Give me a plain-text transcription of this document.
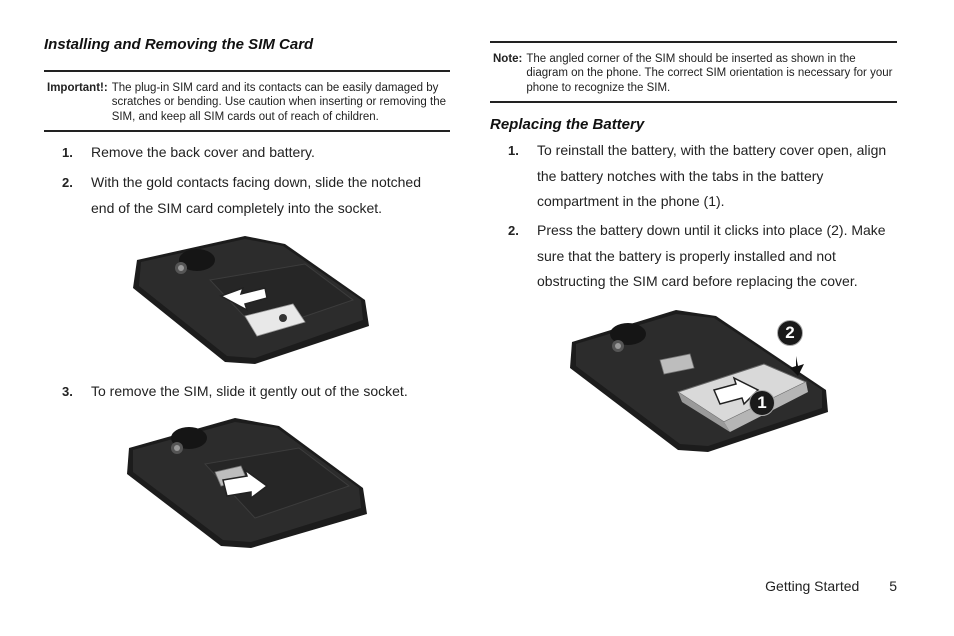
Installing and Removing the SIM Card
Important!: The plug-in SIM card and its contacts can be easily damaged by scratches or bending. Use caution when inserting or removing the SIM, and keep all SIM cards out of reach of children.
1.	Remove the back cover and battery.
2.	With the gold contacts facing down, slide the notched end of the SIM card completely into the socket.
3.	To remove the SIM, slide it gently out of the socket.
Note: The angled corner of the SIM should be inserted as shown in the diagram on the phone. The correct SIM orientation is necessary for your phone to recognize the SIM.
Replacing the Battery
1.	To reinstall the battery, with the battery cover open, align the battery notches with the tabs in the battery compartment in the phone (1).
2.	Press the battery down until it clicks into place (2). Make sure that the battery is properly installed and not obstructing the SIM card before replacing the cover.
1
2
Getting Started 5
